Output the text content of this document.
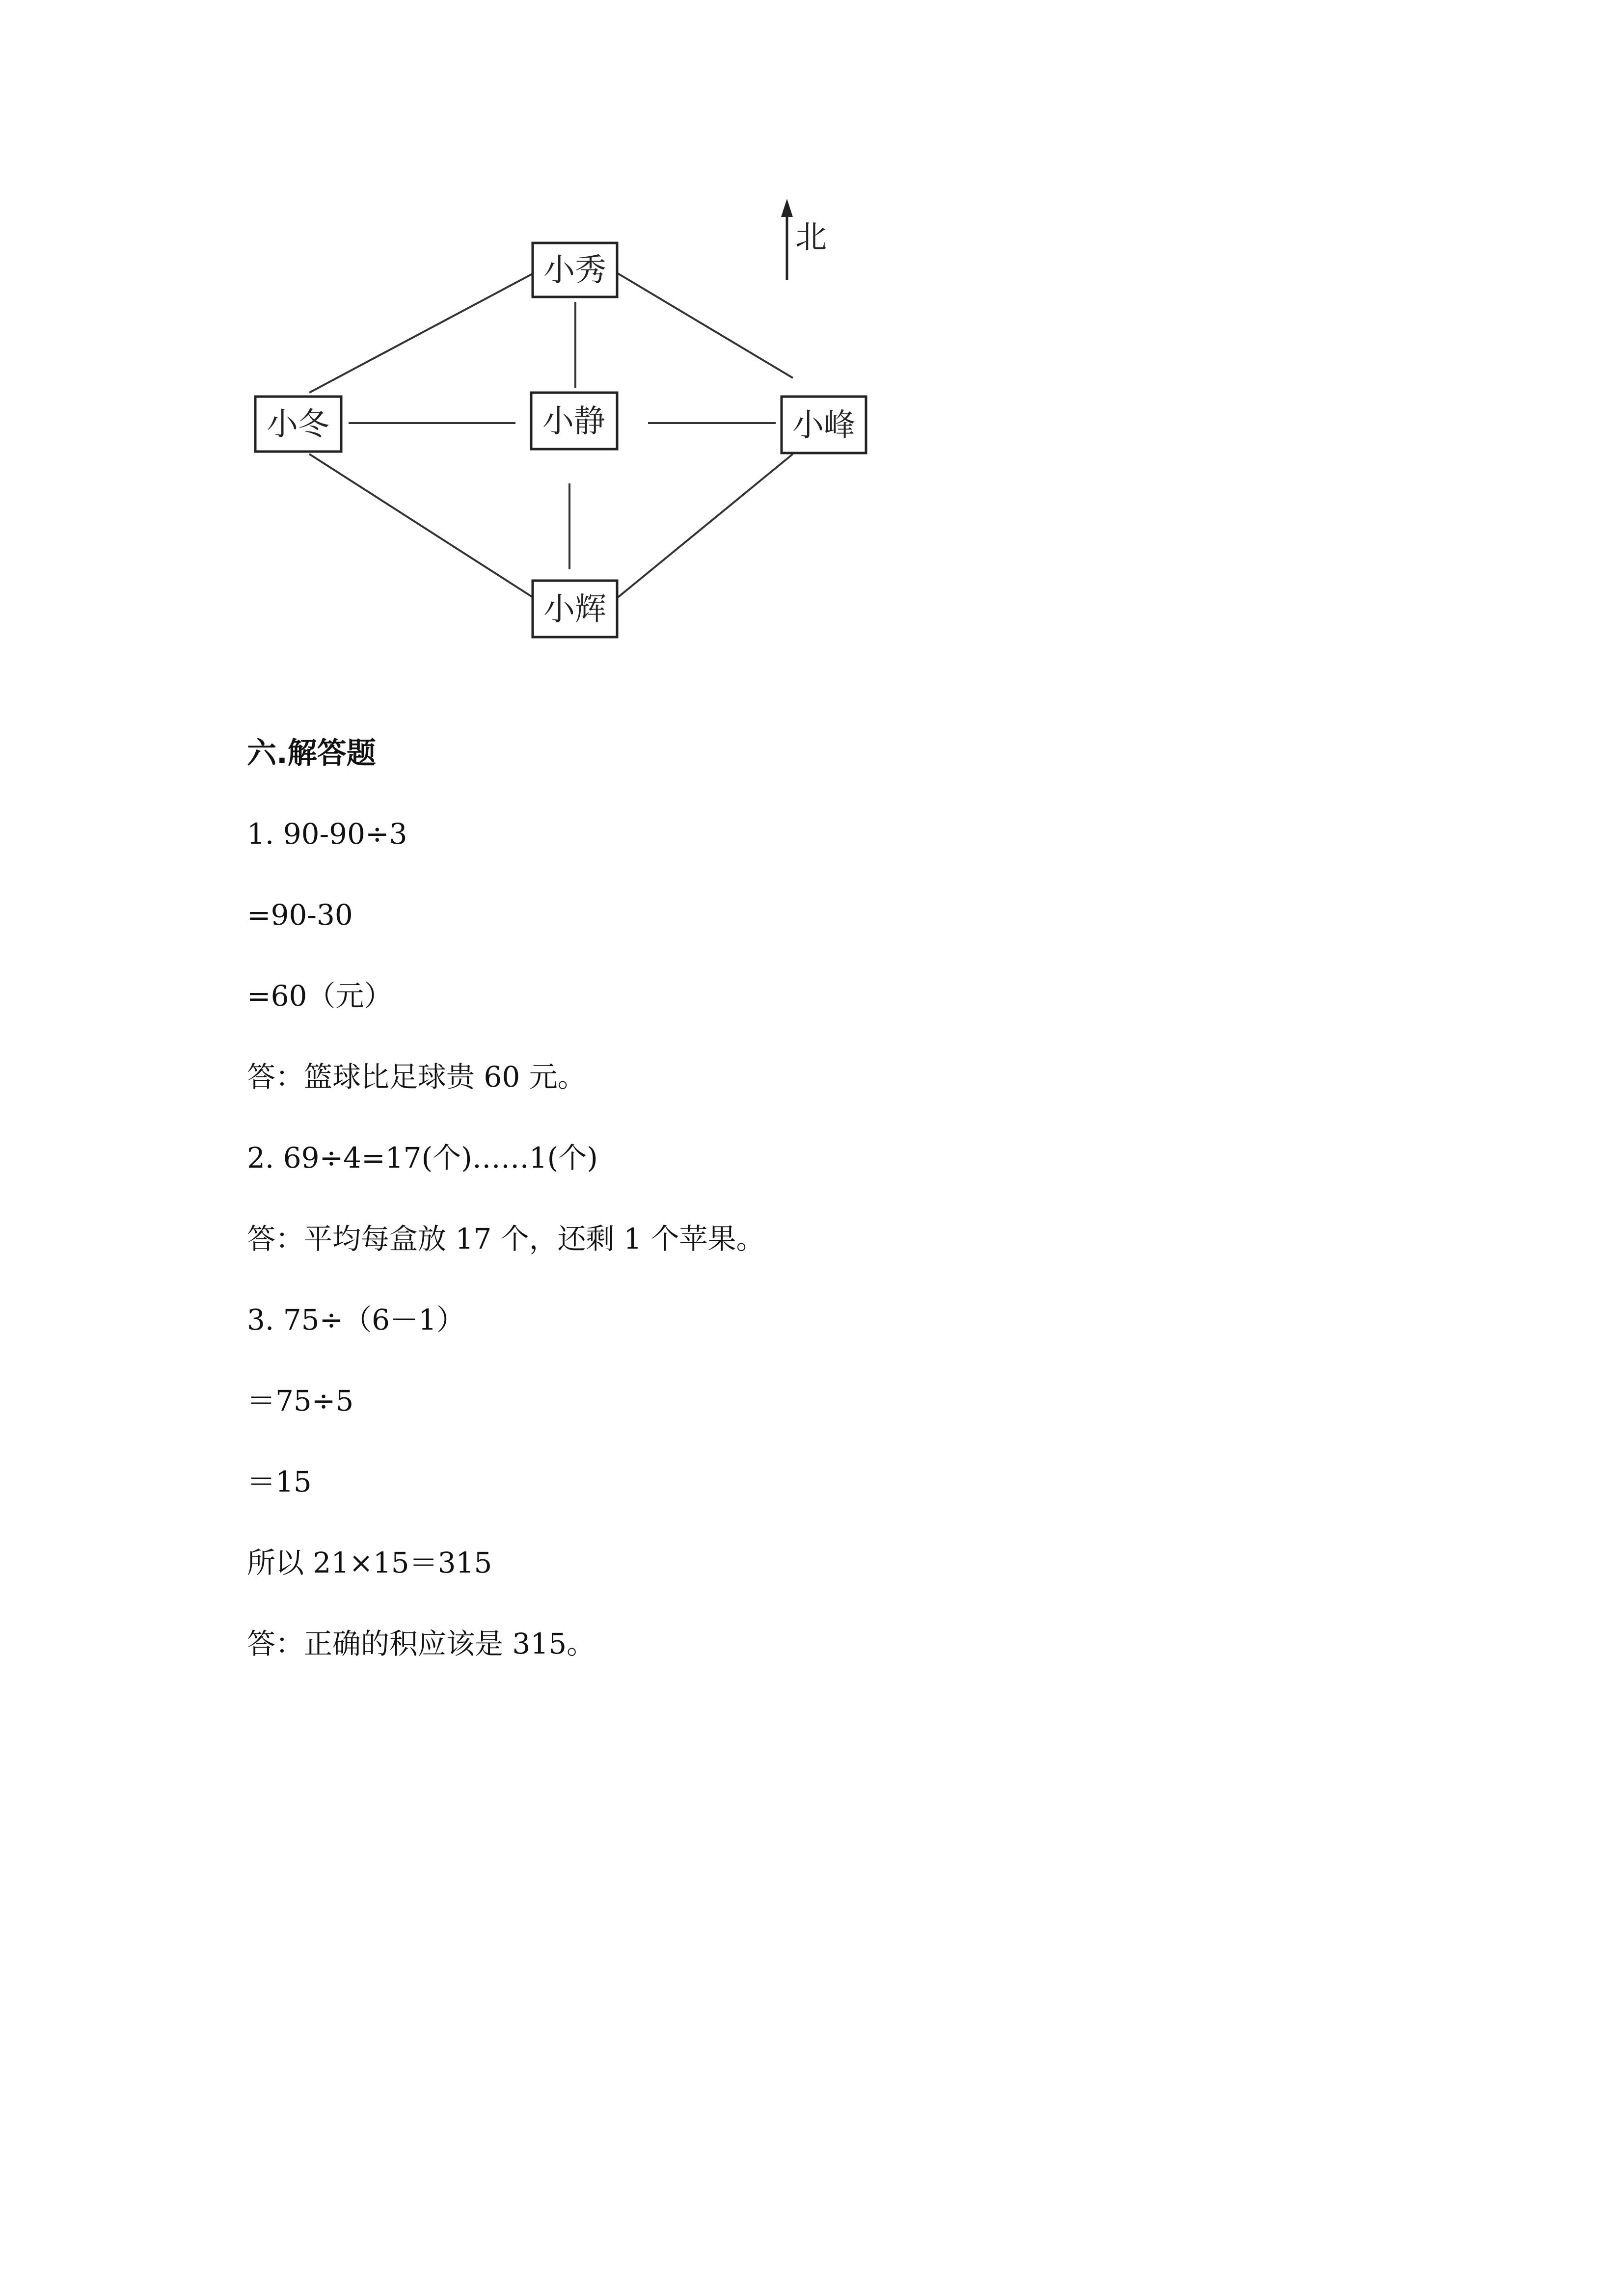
北
小秀
小冬	小静	小峰
小辉
六.解答题
1. 90-90÷3
=90-30
=60（元）
答：篮球比足球贵 60 元。
2. 69÷4=17(个)……1(个)
答：平均每盒放 17 个，还剩 1 个苹果。
3. 75÷（6－1）
＝75÷5
＝15
所以 21×15＝315
答：正确的积应该是 315。
